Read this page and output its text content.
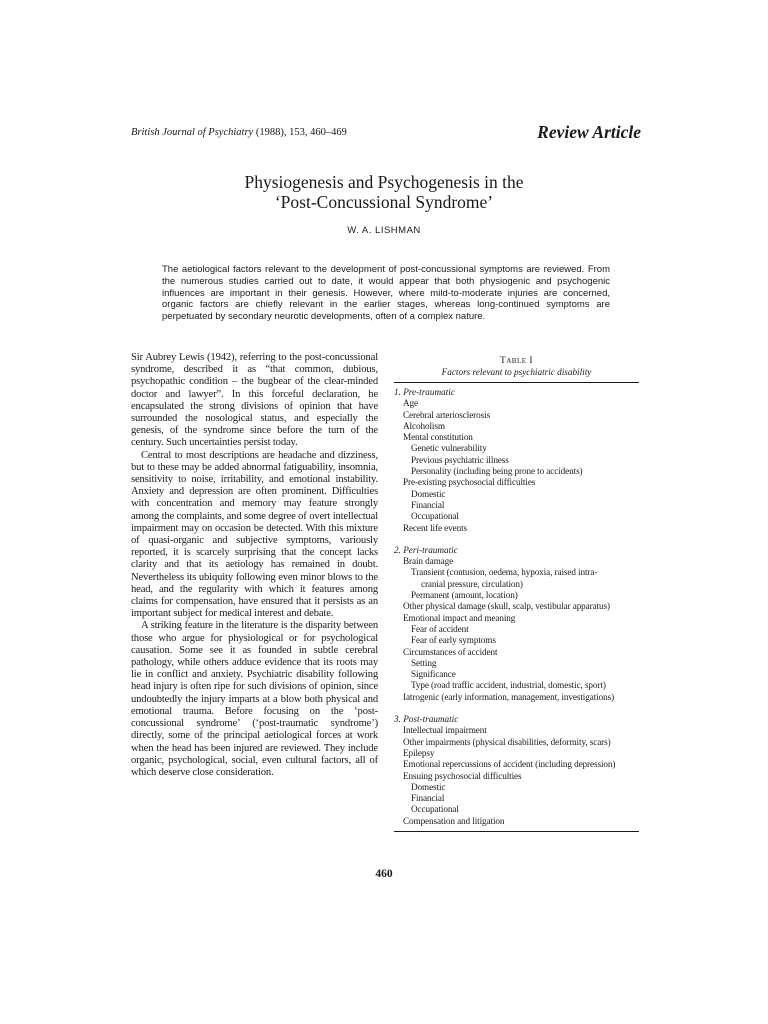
British Journal of Psychiatry (1988), 153, 460–469	Review Article
Physiogenesis and Psychogenesis in the
‘Post-Concussional Syndrome’
W. A. LISHMAN
The aetiological factors relevant to the development of post-concussional symptoms are reviewed. From the numerous studies carried out to date, it would appear that both physiogenic and psychogenic influences are important in their genesis. However, where mild-to-moderate injuries are concerned, organic factors are chiefly relevant in the earlier stages, whereas long-continued symptoms are perpetuated by secondary neurotic developments, often of a complex nature.

Sir Aubrey Lewis (1942), referring to the post-concussional syndrome, described it as “that common, dubious, psychopathic condition – the bugbear of the clear-minded doctor and lawyer”. In this forceful declaration, he encapsulated the strong divisions of opinion that have surrounded the nosological status, and especially the genesis, of the syndrome since before the turn of the century. Such uncertainties persist today.

Central to most descriptions are headache and dizziness, but to these may be added abnormal fatiguability, insomnia, sensitivity to noise, irritability, and emotional instability. Anxiety and depression are often prominent. Difficulties with concentration and memory may feature strongly among the complaints, and some degree of overt intellectual impairment may on occasion be detected. With this mixture of quasi-organic and subjective symptoms, variously reported, it is scarcely surprising that the concept lacks clarity and that its aetiology has remained in doubt. Nevertheless its ubiquity following even minor blows to the head, and the regularity with which it features among claims for compensation, have ensured that it persists as an important subject for medical interest and debate.

A striking feature in the literature is the disparity between those who argue for physiological or for psychological causation. Some see it as founded in subtle cerebral pathology, while others adduce evidence that its roots may lie in conflict and anxiety. Psychiatric disability following head injury is often ripe for such divisions of opinion, since undoubtedly the injury imparts at a blow both physical and emotional trauma. Before focusing on the ‘post-concussional syndrome’ (‘post-traumatic syndrome’) directly, some of the principal aetiological forces at work when the head has been injured are reviewed. They include organic, psychological, social, even cultural factors, all of which deserve close consideration.

Table I
Factors relevant to psychiatric disability
1. Pre-traumatic
Age
Cerebral arteriosclerosis
Alcoholism
Mental constitution
Genetic vulnerability
Previous psychiatric illness
Personality (including being prone to accidents)
Pre-existing psychosocial difficulties
Domestic
Financial
Occupational
Recent life events
2. Peri-traumatic
Brain damage
Transient (contusion, oedema, hypoxia, raised intra-
cranial pressure, circulation)
Permanent (amount, location)
Other physical damage (skull, scalp, vestibular apparatus)
Emotional impact and meaning
Fear of accident
Fear of early symptoms
Circumstances of accident
Setting
Significance
Type (road traffic accident, industrial, domestic, sport)
Iatrogenic (early information, management, investigations)
3. Post-traumatic
Intellectual impairment
Other impairments (physical disabilities, deformity, scars)
Epilepsy
Emotional repercussions of accident (including depression)
Ensuing psychosocial difficulties
Domestic
Financial
Occupational
Compensation and litigation
460
